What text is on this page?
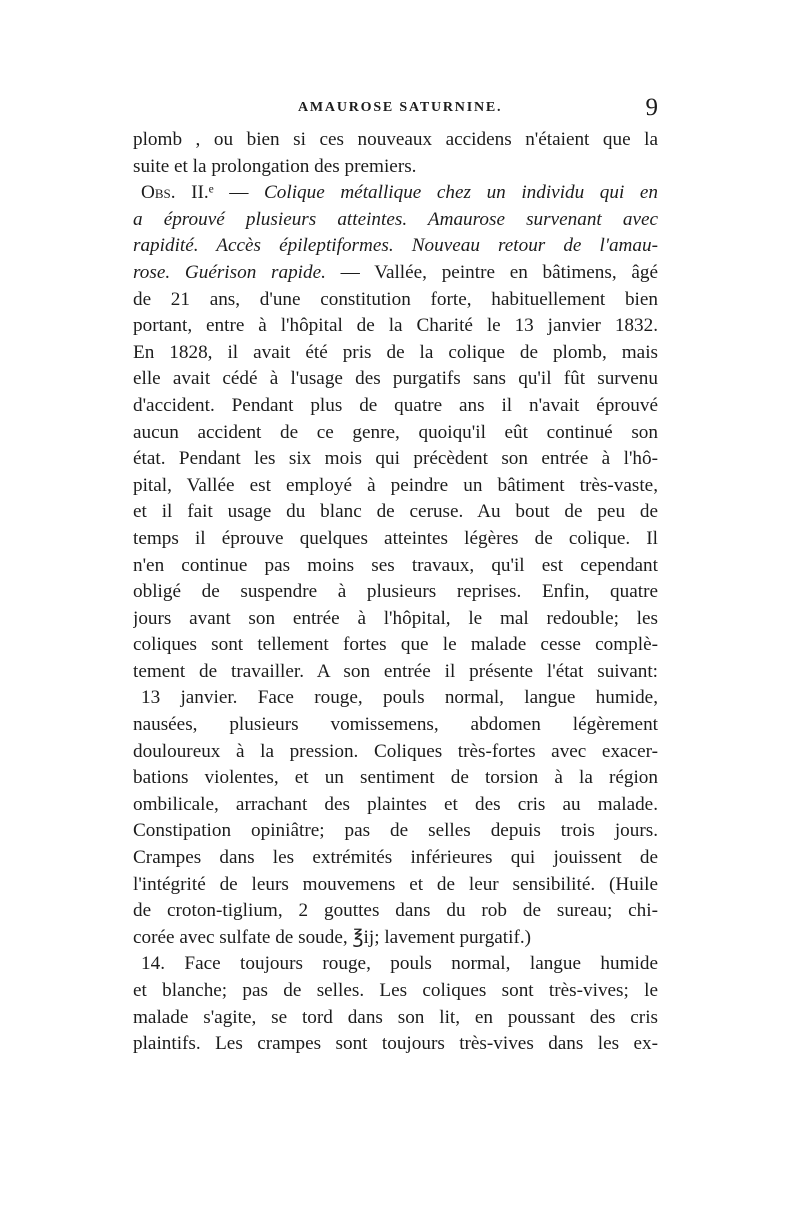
AMAUROSE SATURNINE.	9
plomb , ou bien si ces nouveaux accidens n'étaient que la
suite et la prolongation des premiers.
Obs. II.ᵉ — Colique métallique chez un individu qui en
a éprouvé plusieurs atteintes. Amaurose survenant avec
rapidité. Accès épileptiformes. Nouveau retour de l'amau-
rose. Guérison rapide. — Vallée, peintre en bâtimens, âgé
de 21 ans, d'une constitution forte, habituellement bien
portant, entre à l'hôpital de la Charité le 13 janvier 1832.
En 1828, il avait été pris de la colique de plomb, mais
elle avait cédé à l'usage des purgatifs sans qu'il fût survenu
d'accident. Pendant plus de quatre ans il n'avait éprouvé
aucun accident de ce genre, quoiqu'il eût continué son
état. Pendant les six mois qui précèdent son entrée à l'hô-
pital, Vallée est employé à peindre un bâtiment très-vaste,
et il fait usage du blanc de ceruse. Au bout de peu de
temps il éprouve quelques atteintes légères de colique. Il
n'en continue pas moins ses travaux, qu'il est cependant
obligé de suspendre à plusieurs reprises. Enfin, quatre
jours avant son entrée à l'hôpital, le mal redouble; les
coliques sont tellement fortes que le malade cesse complè-
tement de travailler. A son entrée il présente l'état suivant:
13 janvier. Face rouge, pouls normal, langue humide,
nausées, plusieurs vomissemens, abdomen légèrement
douloureux à la pression. Coliques très-fortes avec exacer-
bations violentes, et un sentiment de torsion à la région
ombilicale, arrachant des plaintes et des cris au malade.
Constipation opiniâtre; pas de selles depuis trois jours.
Crampes dans les extrémités inférieures qui jouissent de
l'intégrité de leurs mouvemens et de leur sensibilité. (Huile
de croton-tiglium, 2 gouttes dans du rob de sureau; chi-
corée avec sulfate de soude, ℥ij; lavement purgatif.)
14. Face toujours rouge, pouls normal, langue humide
et blanche; pas de selles. Les coliques sont très-vives; le
malade s'agite, se tord dans son lit, en poussant des cris
plaintifs. Les crampes sont toujours très-vives dans les ex-
